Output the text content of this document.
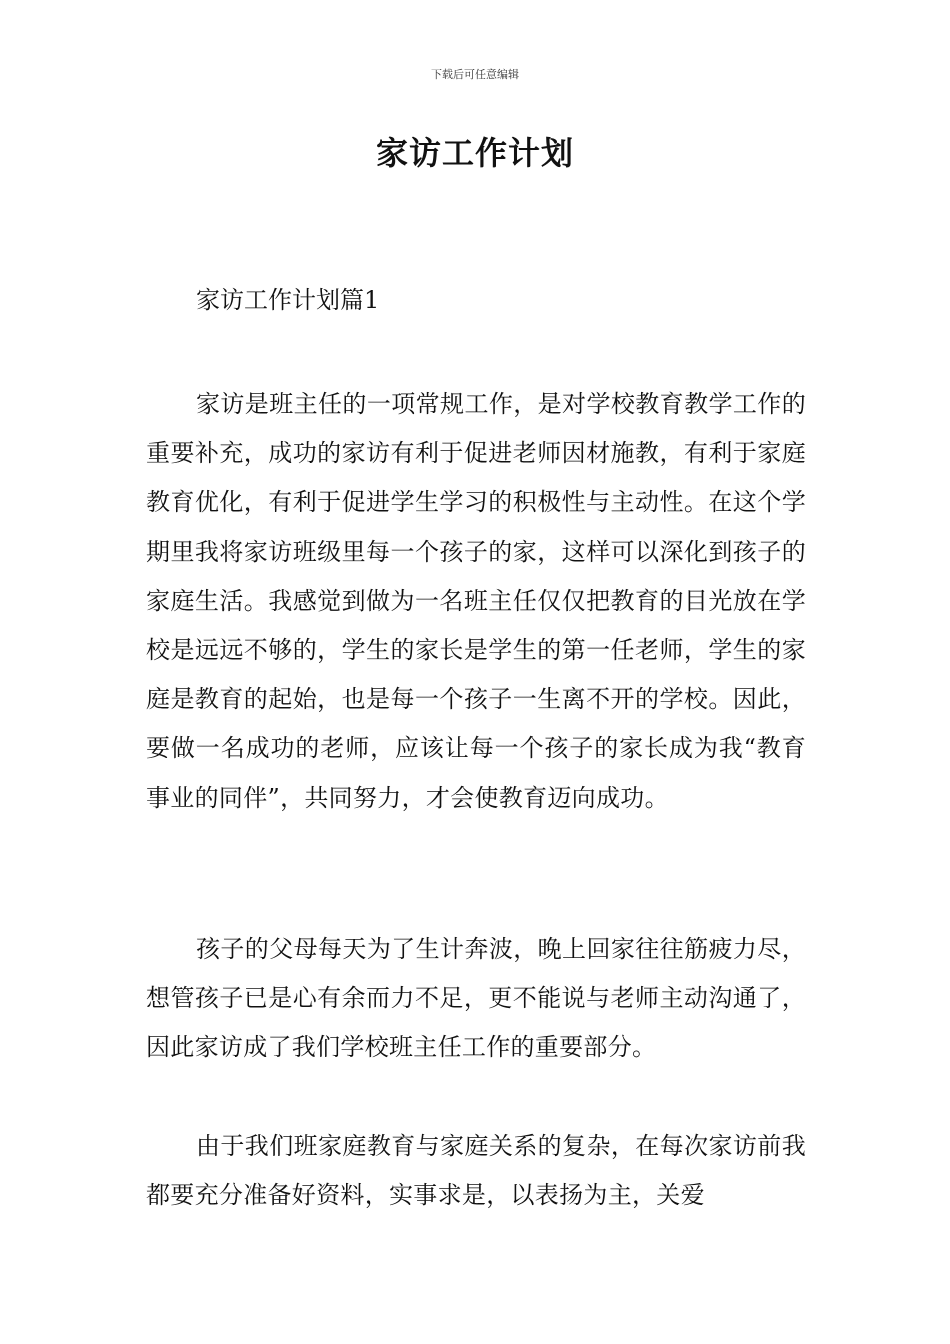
下载后可任意编辑
家访工作计划
家访工作计划篇1

家访是班主任的一项常规工作，是对学校教育教学工作的重要补充，成功的家访有利于促进老师因材施教，有利于家庭教育优化，有利于促进学生学习的积极性与主动性。在这个学期里我将家访班级里每一个孩子的家，这样可以深化到孩子的家庭生活。我感觉到做为一名班主任仅仅把教育的目光放在学校是远远不够的，学生的家长是学生的第一任老师，学生的家庭是教育的起始，也是每一个孩子一生离不开的学校。因此，要做一名成功的老师，应该让每一个孩子的家长成为我“教育事业的同伴”，共同努力，才会使教育迈向成功。

孩子的父母每天为了生计奔波，晚上回家往往筋疲力尽，想管孩子已是心有余而力不足，更不能说与老师主动沟通了，因此家访成了我们学校班主任工作的重要部分。

由于我们班家庭教育与家庭关系的复杂，在每次家访前我都要充分准备好资料，实事求是，以表扬为主，关爱
